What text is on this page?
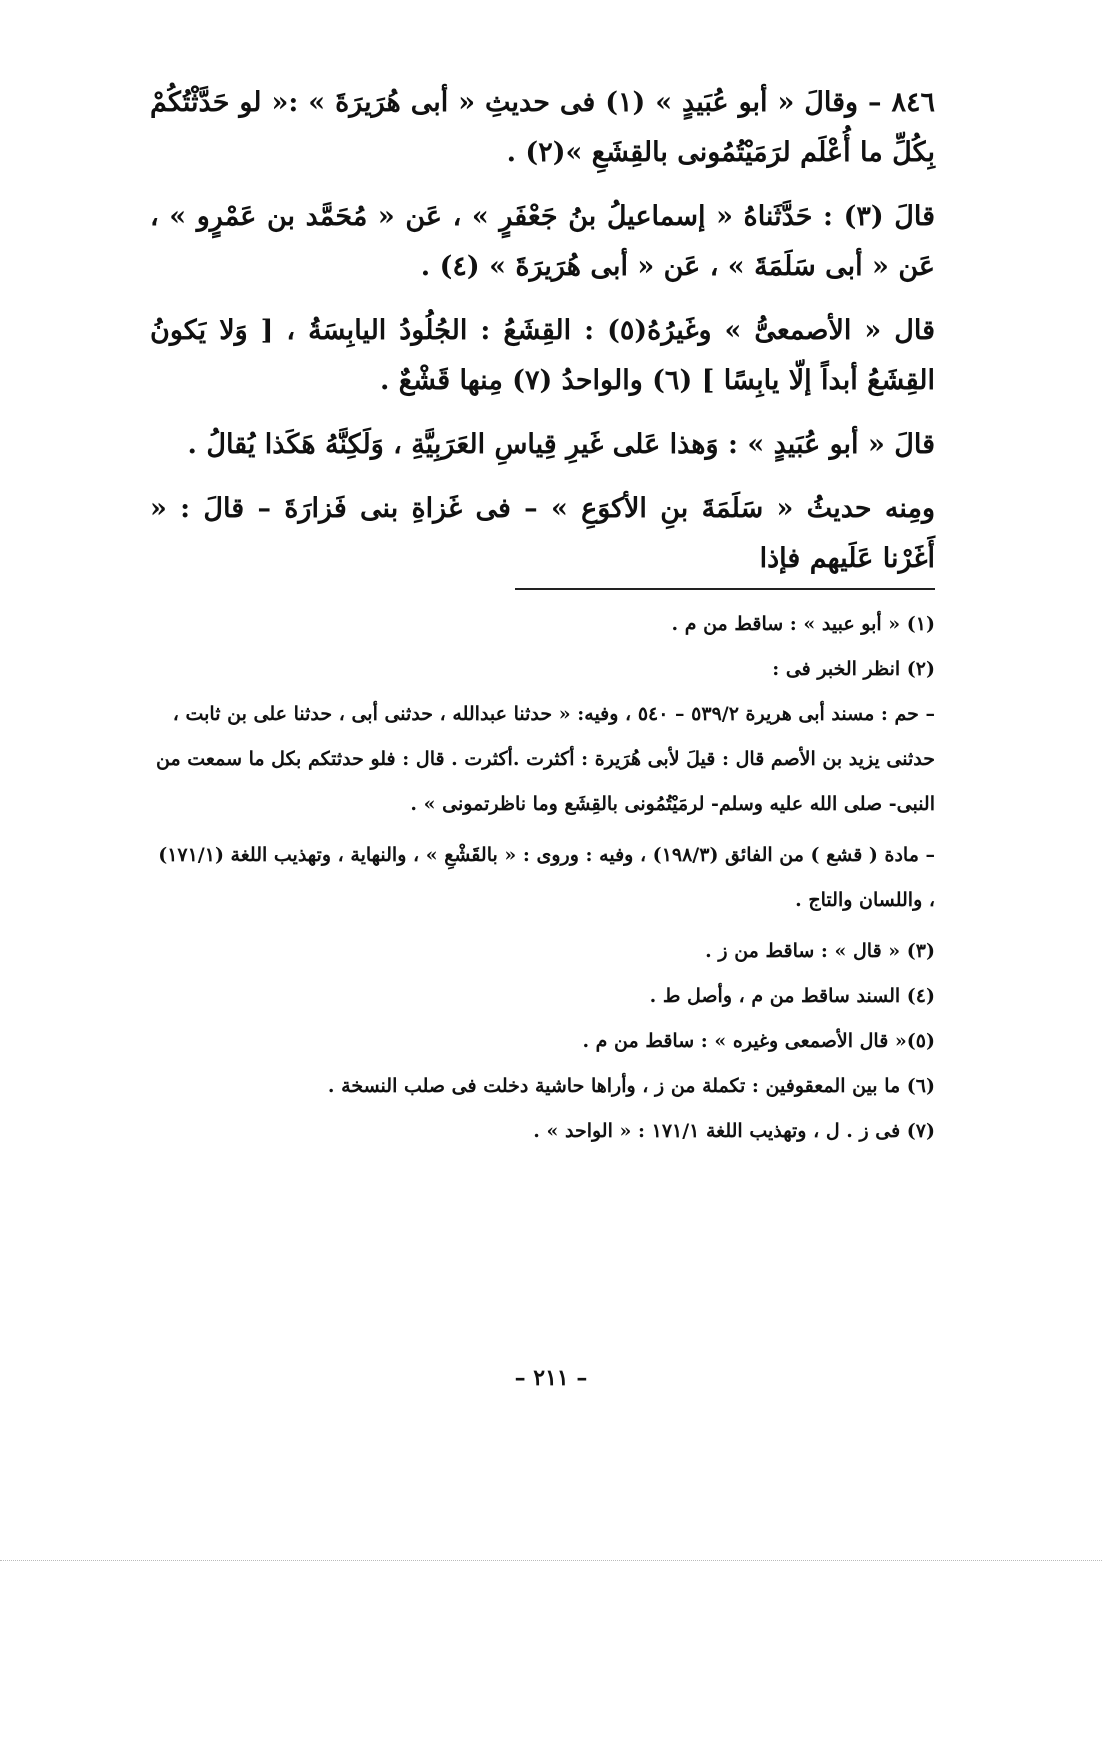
٨٤٦ – وقالَ « أبو عُبَيدٍ » (١) فى حديثِ « أبى هُرَيرَةَ » :« لو حَدَّثْتُكُمْ بِكُلِّ ما أُعْلَم لرَمَيْتُمُونى بالقِشَعِ »(٢) .

قالَ (٣) : حَدَّثَناهُ « إسماعيلُ بنُ جَعْفَرٍ » ، عَن « مُحَمَّد بن عَمْرٍو » ، عَن « أبى سَلَمَةَ » ، عَن « أبى هُرَيرَةَ » (٤) .

قال « الأصمعىُّ » وغَيرُهُ(٥) : القِشَعُ : الجُلُودُ اليابِسَةُ ، [ وَلا يَكونُ القِشَعُ أبداً إلّا يابِسًا ] (٦) والواحدُ (٧) مِنها قَشْعٌ .

قالَ « أبو عُبَيدٍ » : وَهذا عَلى غَيرِ قِياسِ العَرَبِيَّةِ ، وَلَكِنَّهُ هَكَذا يُقالُ .

ومِنه حديثُ « سَلَمَةَ بنِ الأكوَعِ » – فى غَزاةِ بنى فَزارَةَ – قالَ : « أَغَرْنا عَلَيهم فإذا

(١) « أبو عبيد » : ساقط من م .

(٢) انظر الخبر فى :

– حم : مسند أبى هريرة ٥٣٩/٢ – ٥٤٠ ، وفيه: « حدثنا عبدالله ، حدثنى أبى ، حدثنا على بن ثابت ، حدثنى يزيد بن الأصم قال : قيلَ لأبى هُرَيرة : أكثرت .أكثرت . قال : فلو حدثتكم بكل ما سمعت من النبى- صلى الله عليه وسلم- لرمَيْتُمُونى بالقِشَع وما ناظرتمونى » .

– مادة ( قشع ) من الفائق (١٩٨/٣) ، وفيه : وروى : « بالقَشْعِ » ، والنهاية ، وتهذيب اللغة (١٧١/١) ، واللسان والتاج .

(٣) « قال » : ساقط من ز .

(٤) السند ساقط من م ، وأصل ط .

(٥)« قال الأصمعى وغيره » : ساقط من م .

(٦) ما بين المعقوفين : تكملة من ز ، وأراها حاشية دخلت فى صلب النسخة .

(٧) فى ز . ل ، وتهذيب اللغة ١٧١/١ : « الواحد » .

– ٢١١ –
